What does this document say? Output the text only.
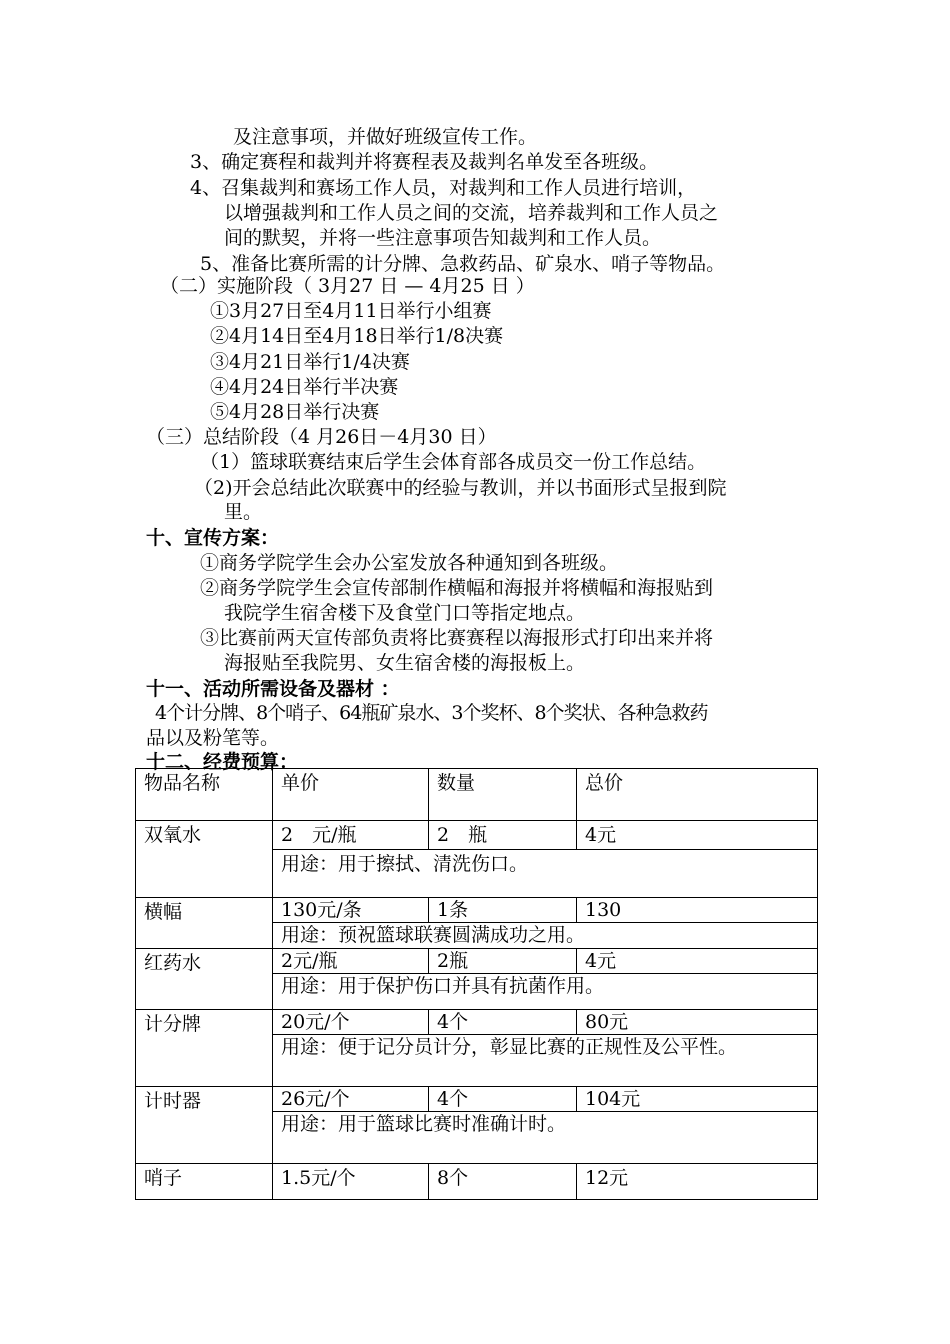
及注意事项，并做好班级宣传工作。
3、确定赛程和裁判并将赛程表及裁判名单发至各班级。
4、召集裁判和赛场工作人员，对裁判和工作人员进行培训，
以增强裁判和工作人员之间的交流，培养裁判和工作人员之
间的默契，并将一些注意事项告知裁判和工作人员。
5、准备比赛所需的计分牌、急救药品、矿泉水、哨子等物品。
（二）实施阶段（ 3月27 日 — 4月25 日 ）
①3月27日至4月11日举行小组赛
②4月14日至4月18日举行1/8决赛
③4月21日举行1/4决赛
④4月24日举行半决赛
⑤4月28日举行决赛
（三）总结阶段（4 月26日－4月30 日）
（1）篮球联赛结束后学生会体育部各成员交一份工作总结。
（2)开会总结此次联赛中的经验与教训，并以书面形式呈报到院
里。
十、宣传方案：
①商务学院学生会办公室发放各种通知到各班级。
②商务学院学生会宣传部制作横幅和海报并将横幅和海报贴到
我院学生宿舍楼下及食堂门口等指定地点。
③比赛前两天宣传部负责将比赛赛程以海报形式打印出来并将
海报贴至我院男、女生宿舍楼的海报板上。
十一、活动所需设备及器材 ：
4个计分牌、8个哨子、64瓶矿泉水、3个奖杯、8个奖状、各种急救药
品以及粉笔等。
十二、经费预算：
物品名称	单价	数量	总价
双氧水	2　元/瓶	2　瓶	4元
	用途：用于擦拭、清洗伤口。		
横幅	130元/条	1条	130
	用途：预祝篮球联赛圆满成功之用。		
红药水	2元/瓶	2瓶	4元
	用途：用于保护伤口并具有抗菌作用。		
计分牌	20元/个	4个	80元
	用途：便于记分员计分，彰显比赛的正规性及公平性。		
计时器	26元/个	4个	104元
	用途：用于篮球比赛时准确计时。		
哨子	1.5元/个	8个	12元
